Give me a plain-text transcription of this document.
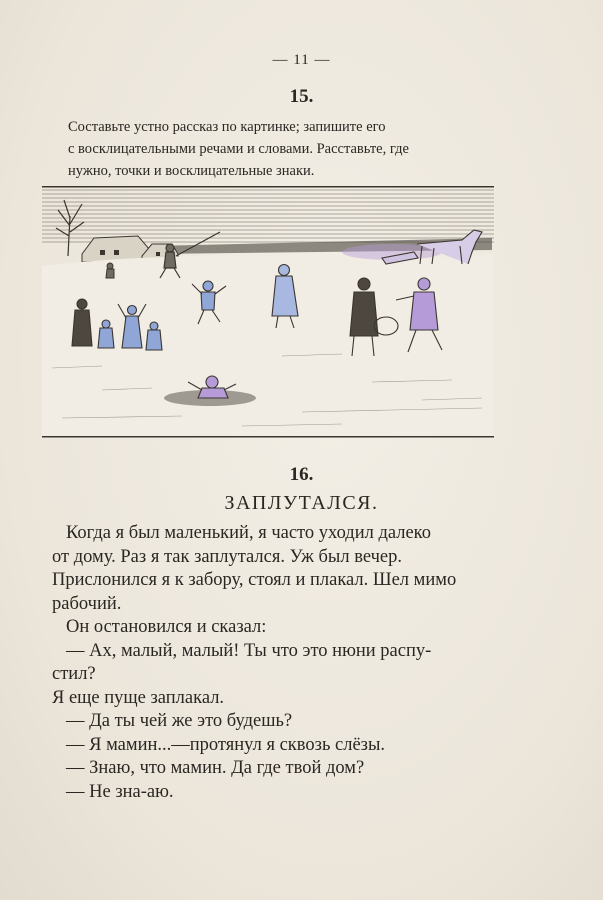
— 11 —
15.
Составьте устно рассказ по картинке; запишите его
с восклицательными речами и словами. Расставьте, где
нужно, точки и восклицательные знаки.
16.
ЗАПЛУТАЛСЯ.
Когда я был маленький, я часто уходил далеко
от дому. Раз я так заплутался. Уж был вечер.
Прислонился я к забору, стоял и плакал. Шел мимо
рабочий.
Он остановился и сказал:
— Ах, малый, малый! Ты что это нюни распу-
стил?
Я еще пуще заплакал.
— Да ты чей же это будешь?
— Я мамин...—протянул я сквозь слёзы.
— Знаю, что мамин. Да где твой дом?
— Не зна-аю.
